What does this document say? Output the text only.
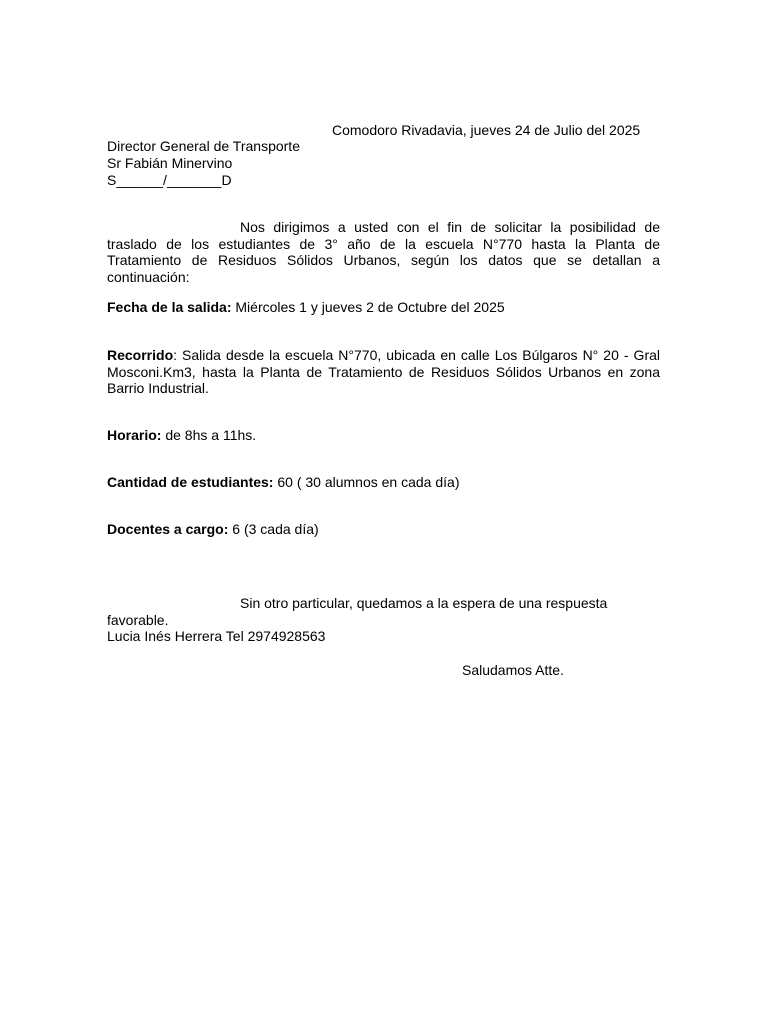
Comodoro Rivadavia, jueves 24 de Julio del 2025
Director General de Transporte
Sr Fabián Minervino
S______/_______D
Nos dirigimos a usted con el fin de solicitar la posibilidad de traslado de los estudiantes de 3° año de la escuela N°770 hasta la Planta de Tratamiento de Residuos Sólidos Urbanos, según los datos que se detallan a continuación:
Fecha de la salida: Miércoles 1 y jueves 2 de Octubre del 2025
Recorrido: Salida desde la escuela N°770, ubicada en calle Los Búlgaros N° 20 - Gral Mosconi.Km3, hasta la Planta de Tratamiento de Residuos Sólidos Urbanos en zona Barrio Industrial.
Horario: de 8hs a 11hs.
Cantidad de estudiantes: 60 ( 30 alumnos en cada día)
Docentes a cargo: 6 (3 cada día)
Sin otro particular, quedamos a la espera de una respuesta
favorable.
Lucia Inés Herrera Tel 2974928563
Saludamos Atte.
